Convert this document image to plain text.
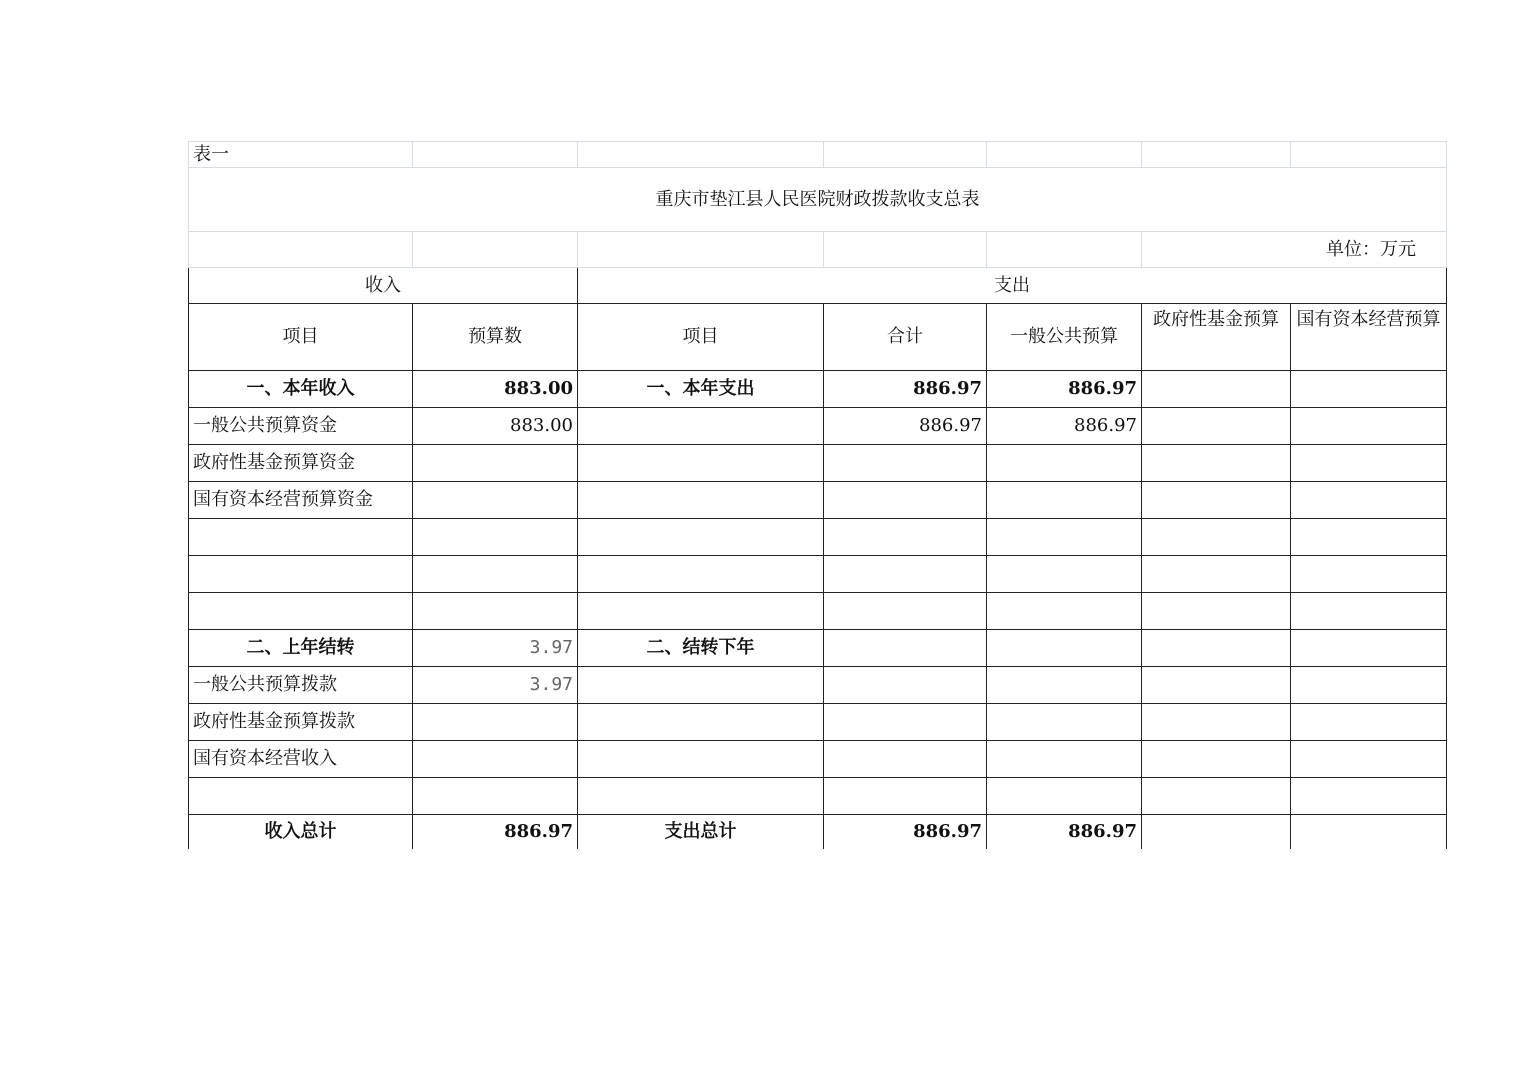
表一						
重庆市垫江县人民医院财政拨款收支总表						
					单位：万元	
收入		支出				
项目	预算数	项目	合计	一般公共预算	政府性基金预算	国有资本经营预算
一、本年收入	883.00	一、本年支出	886.97	886.97		
一般公共预算资金	883.00		886.97	886.97		
政府性基金预算资金						
国有资本经营预算资金						

二、上年结转	3.97	二、结转下年				
一般公共预算拨款	3.97					
政府性基金预算拨款						
国有资本经营收入						

收入总计	886.97	支出总计	886.97	886.97		
